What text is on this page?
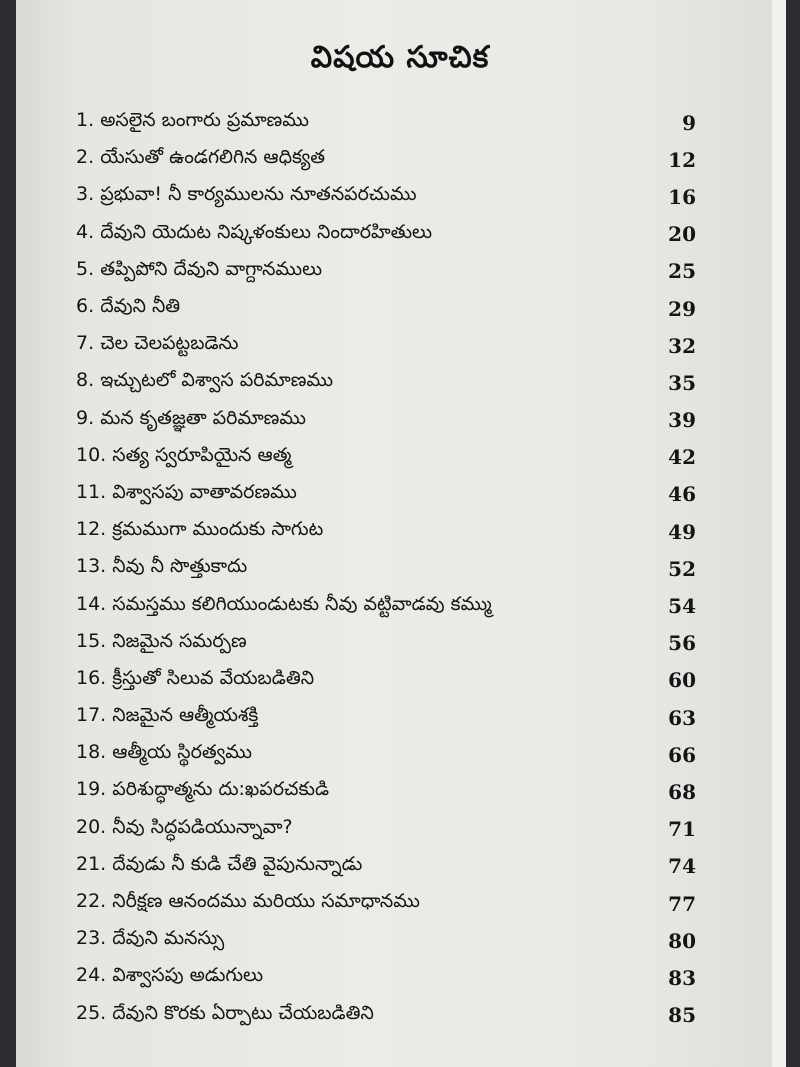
విషయ సూచిక
1. అసలైన బంగారు ప్రమాణము	9
2. యేసుతో ఉండగలిగిన ఆధిక్యత	12
3. ప్రభువా! నీ కార్యములను నూతనపరచుము	16
4. దేవుని యెదుట నిష్కళంకులు నిందారహితులు	20
5. తప్పిపోని దేవుని వాగ్దానములు	25
6. దేవుని నీతి	29
7. చెల చెలపట్టబడెను	32
8. ఇచ్చుటలో విశ్వాస పరిమాణము	35
9. మన కృతజ్ఞతా పరిమాణము	39
10. సత్య స్వరూపియైన ఆత్మ	42
11. విశ్వాసపు వాతావరణము	46
12. క్రమముగా ముందుకు సాగుట	49
13. నీవు నీ సొత్తుకాదు	52
14. సమస్తము కలిగియుండుటకు నీవు వట్టివాడవు కమ్ము	54
15. నిజమైన సమర్పణ	56
16. క్రీస్తుతో సిలువ వేయబడితిని	60
17. నిజమైన ఆత్మీయశక్తి	63
18. ఆత్మీయ స్థిరత్వము	66
19. పరిశుద్ధాత్మను దు:ఖపరచకుడి	68
20. నీవు సిద్ధపడియున్నావా?	71
21. దేవుడు నీ కుడి చేతి వైపునున్నాడు	74
22. నిరీక్షణ ఆనందము మరియు సమాధానము	77
23. దేవుని మనస్సు	80
24. విశ్వాసపు అడుగులు	83
25. దేవుని కొరకు ఏర్పాటు చేయబడితిని	85
